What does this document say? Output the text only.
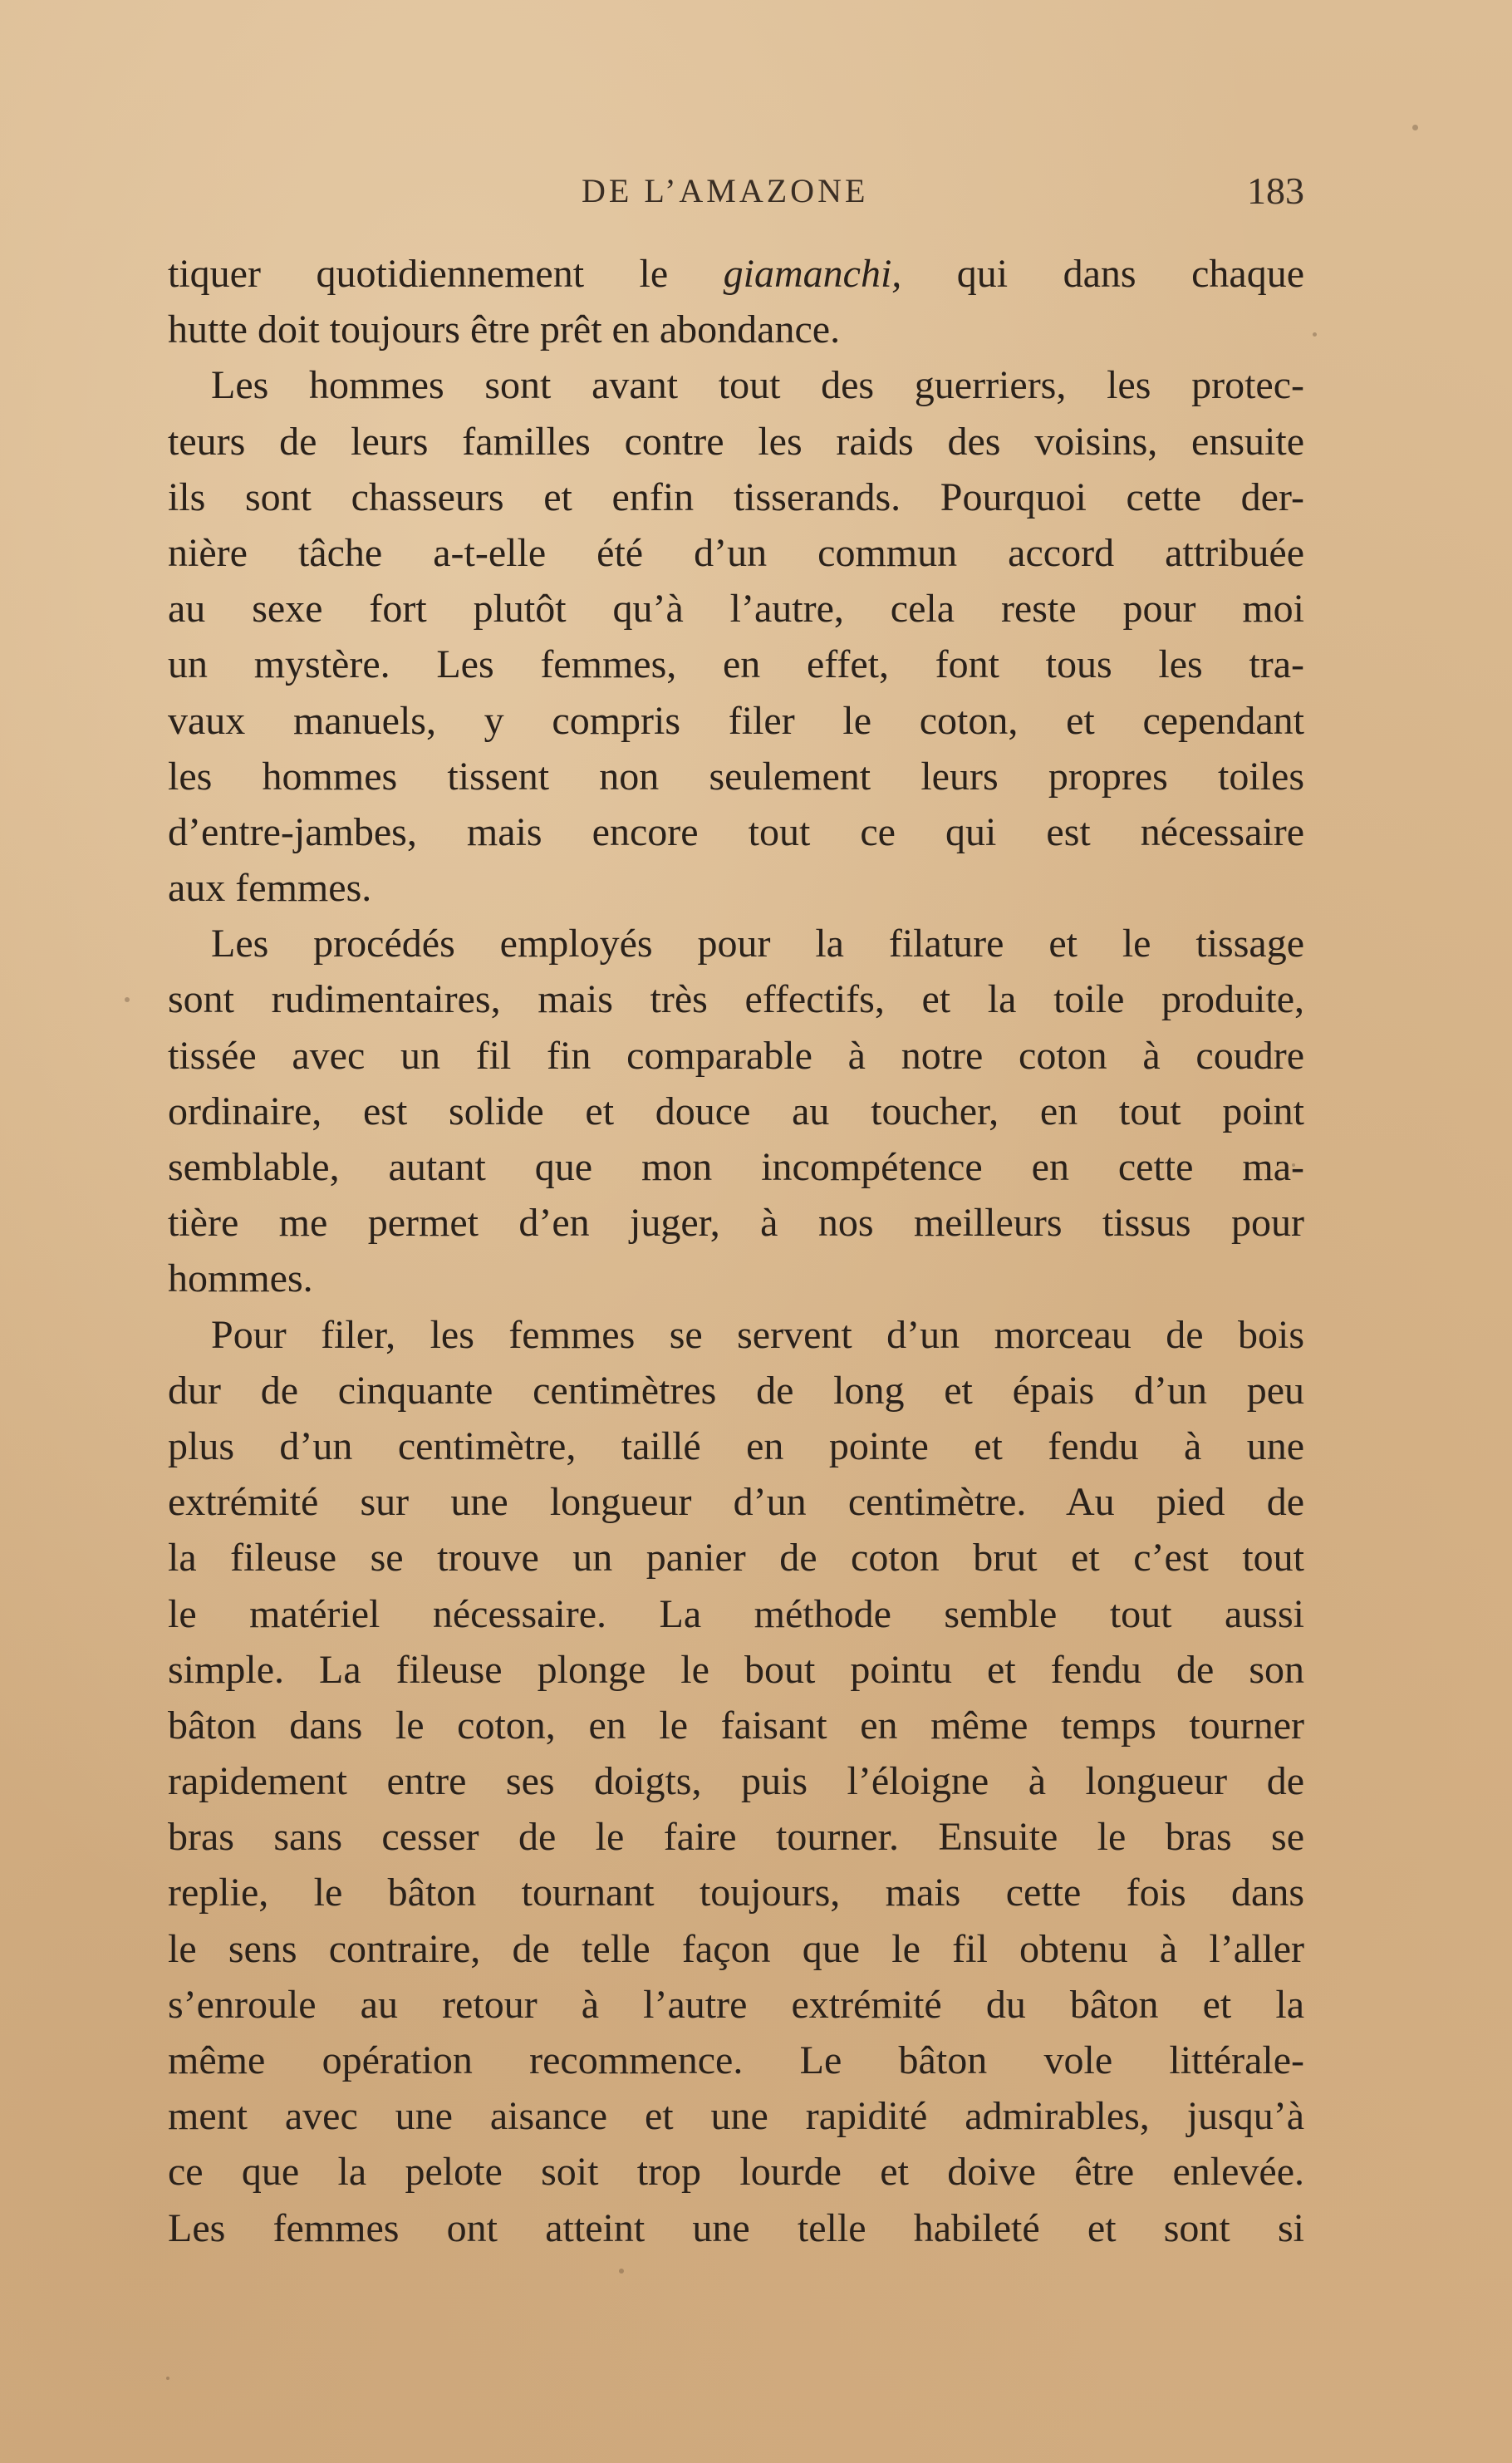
DE L’AMAZONE	183
tiquer quotidiennement le giamanchi, qui dans chaque
hutte doit toujours être prêt en abondance.
Les hommes sont avant tout des guerriers, les protec-
teurs de leurs familles contre les raids des voisins, ensuite
ils sont chasseurs et enfin tisserands. Pourquoi cette der-
nière tâche a-t-elle été d’un commun accord attribuée
au sexe fort plutôt qu’à l’autre, cela reste pour moi
un mystère. Les femmes, en effet, font tous les tra-
vaux manuels, y compris filer le coton, et cependant
les hommes tissent non seulement leurs propres toiles
d’entre-jambes, mais encore tout ce qui est nécessaire
aux femmes.
Les procédés employés pour la filature et le tissage
sont rudimentaires, mais très effectifs, et la toile produite,
tissée avec un fil fin comparable à notre coton à coudre
ordinaire, est solide et douce au toucher, en tout point
semblable, autant que mon incompétence en cette ma-
tière me permet d’en juger, à nos meilleurs tissus pour
hommes.
Pour filer, les femmes se servent d’un morceau de bois
dur de cinquante centimètres de long et épais d’un peu
plus d’un centimètre, taillé en pointe et fendu à une
extrémité sur une longueur d’un centimètre. Au pied de
la fileuse se trouve un panier de coton brut et c’est tout
le matériel nécessaire. La méthode semble tout aussi
simple. La fileuse plonge le bout pointu et fendu de son
bâton dans le coton, en le faisant en même temps tourner
rapidement entre ses doigts, puis l’éloigne à longueur de
bras sans cesser de le faire tourner. Ensuite le bras se
replie, le bâton tournant toujours, mais cette fois dans
le sens contraire, de telle façon que le fil obtenu à l’aller
s’enroule au retour à l’autre extrémité du bâton et la
même opération recommence. Le bâton vole littérale-
ment avec une aisance et une rapidité admirables, jusqu’à
ce que la pelote soit trop lourde et doive être enlevée.
Les femmes ont atteint une telle habileté et sont si
